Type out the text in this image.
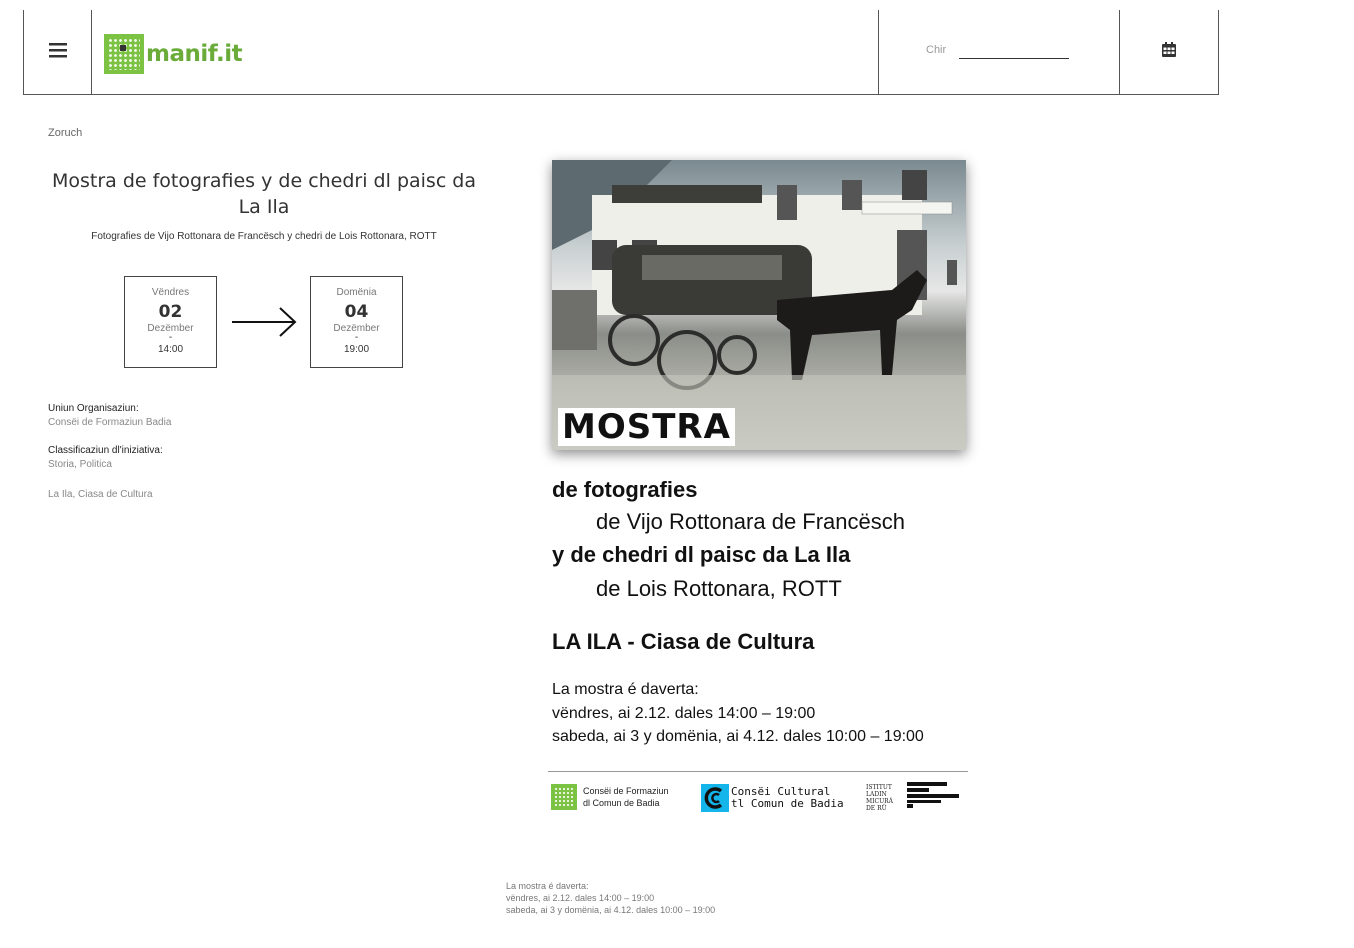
manif.it	Chir
Zoruch
Mostra de fotografies y de chedri dl paisc da La Ila
Fotografies de Vijo Rottonara de Francësch y chedri de Lois Rottonara, ROTT
Vëndres
02
Dezëmber
-
14:00
Domënia
04
Dezëmber
-
19:00
Uniun Organisaziun:
Consëi de Formaziun Badia
Classificaziun dl'iniziativa:
Storia, Politica
La Ila, Ciasa de Cultura
MOSTRA
de fotografies
de Vijo Rottonara de Francësch
y de chedri dl paisc da La Ila
de Lois Rottonara, ROTT
LA ILA - Ciasa de Cultura
La mostra é daverta:
vëndres, ai 2.12. dales 14:00 – 19:00
sabeda, ai 3 y domënia, ai 4.12. dales 10:00 – 19:00
Consëi de Formaziun
dl Comun de Badia
Consëi Cultural
tl Comun de Badia
ISTITUT
LADIN
MICURÁ
DE RÜ
La mostra é daverta:
vëndres, ai 2.12. dales 14:00 – 19:00
sabeda, ai 3 y domënia, ai 4.12. dales 10:00 – 19:00
